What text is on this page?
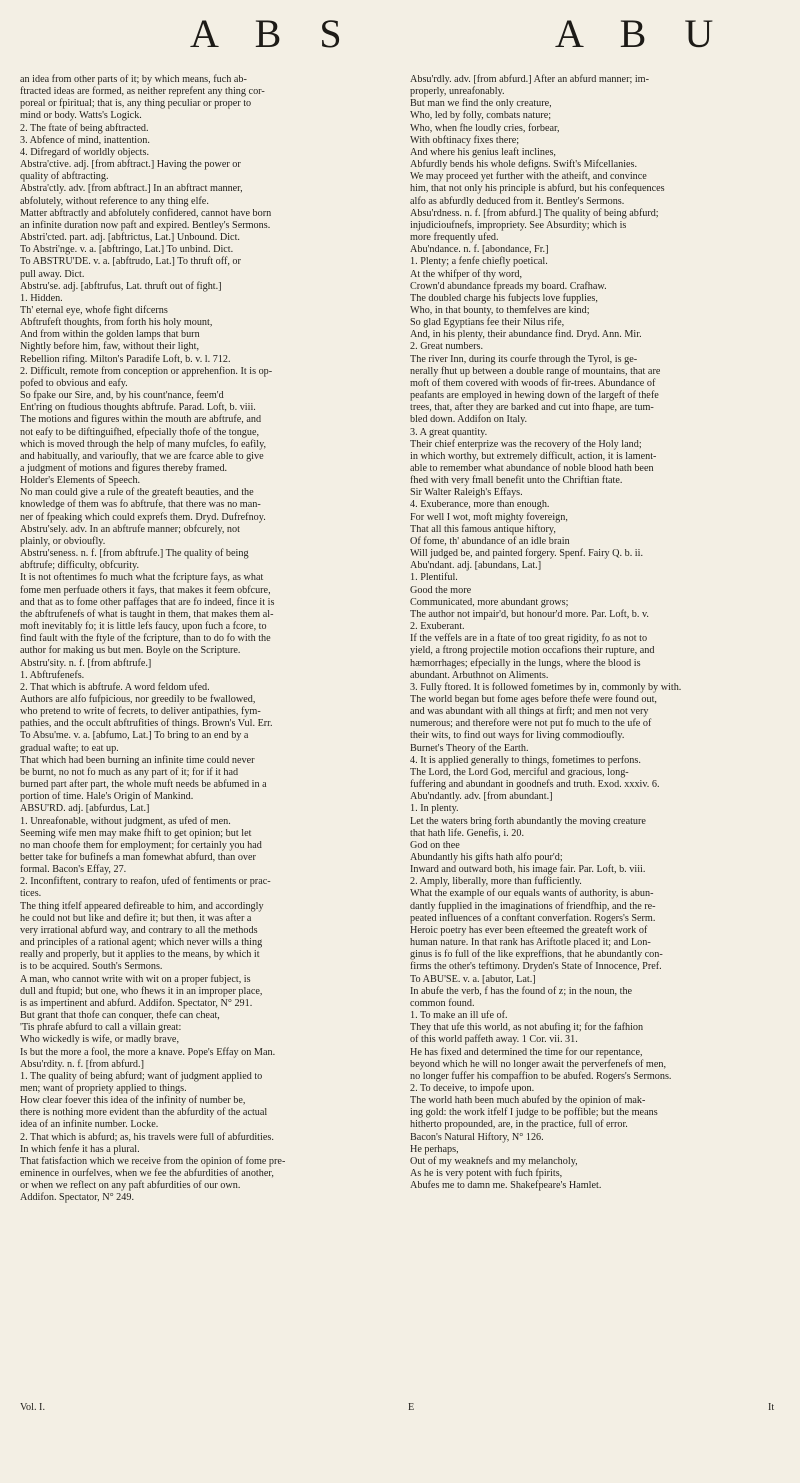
A B S	A B U

an idea from other parts of it; by which means, fuch ab-

ftracted ideas are formed, as neither reprefent any thing cor-

poreal or fpiritual; that is, any thing peculiar or proper to

mind or body. Watts's Logick.

2. The ftate of being abftracted.

3. Abfence of mind, inattention.

4. Difregard of worldly objects.

Abstra'ctive. adj. [from abftract.] Having the power or

quality of abftracting.

Abstra'ctly. adv. [from abftract.] In an abftract manner,

abfolutely, without reference to any thing elfe.

Matter abftractly and abfolutely confidered, cannot have born

an infinite duration now paft and expired. Bentley's Sermons.

Abstri'cted. part. adj. [abftrictus, Lat.] Unbound. Dict.

To Abstri'nge. v. a. [abftringo, Lat.] To unbind. Dict.

To ABSTRU'DE. v. a. [abftrudo, Lat.] To thruft off, or

pull away. Dict.

Abstru'se. adj. [abftrufus, Lat. thruft out of fight.]

1. Hidden.

Th' eternal eye, whofe fight difcerns

Abftrufeft thoughts, from forth his holy mount,

And from within the golden lamps that burn

Nightly before him, faw, without their light,

Rebellion rifing. Milton's Paradife Loft, b. v. l. 712.

2. Difficult, remote from conception or apprehenfion. It is op-

pofed to obvious and eafy.

So fpake our Sire, and, by his count'nance, feem'd

Ent'ring on ftudious thoughts abftrufe. Parad. Loft, b. viii.

The motions and figures within the mouth are abftrufe, and

not eafy to be diftinguifhed, efpecially thofe of the tongue,

which is moved through the help of many mufcles, fo eafily,

and habitually, and varioufly, that we are fcarce able to give

a judgment of motions and figures thereby framed.

Holder's Elements of Speech.

No man could give a rule of the greateft beauties, and the

knowledge of them was fo abftrufe, that there was no man-

ner of fpeaking which could exprefs them. Dryd. Dufrefnoy.

Abstru'sely. adv. In an abftrufe manner; obfcurely, not

plainly, or obvioufly.

Abstru'seness. n. f. [from abftrufe.] The quality of being

abftrufe; difficulty, obfcurity.

It is not oftentimes fo much what the fcripture fays, as what

fome men perfuade others it fays, that makes it feem obfcure,

and that as to fome other paffages that are fo indeed, fince it is

the abftrufenefs of what is taught in them, that makes them al-

moft inevitably fo; it is little lefs faucy, upon fuch a fcore, to

find fault with the ftyle of the fcripture, than to do fo with the

author for making us but men. Boyle on the Scripture.

Abstru'sity. n. f. [from abftrufe.]

1. Abftrufenefs.

2. That which is abftrufe. A word feldom ufed.

Authors are alfo fufpicious, nor greedily to be fwallowed,

who pretend to write of fecrets, to deliver antipathies, fym-

pathies, and the occult abftrufities of things. Brown's Vul. Err.

To Absu'me. v. a. [abfumo, Lat.] To bring to an end by a

gradual wafte; to eat up.

That which had been burning an infinite time could never

be burnt, no not fo much as any part of it; for if it had

burned part after part, the whole muft needs be abfumed in a

portion of time. Hale's Origin of Mankind.

ABSU'RD. adj. [abfurdus, Lat.]

1. Unreafonable, without judgment, as ufed of men.

Seeming wife men may make fhift to get opinion; but let

no man choofe them for employment; for certainly you had

better take for bufinefs a man fomewhat abfurd, than over

formal. Bacon's Effay, 27.

2. Inconfiftent, contrary to reafon, ufed of fentiments or prac-

tices.

The thing itfelf appeared defireable to him, and accordingly

he could not but like and defire it; but then, it was after a

very irrational abfurd way, and contrary to all the methods

and principles of a rational agent; which never wills a thing

really and properly, but it applies to the means, by which it

is to be acquired. South's Sermons.

A man, who cannot write with wit on a proper fubject, is

dull and ftupid; but one, who fhews it in an improper place,

is as impertinent and abfurd. Addifon. Spectator, N° 291.

But grant that thofe can conquer, thefe can cheat,

'Tis phrafe abfurd to call a villain great:

Who wickedly is wife, or madly brave,

Is but the more a fool, the more a knave. Pope's Effay on Man.

Absu'rdity. n. f. [from abfurd.]

1. The quality of being abfurd; want of judgment applied to

men; want of propriety applied to things.

How clear foever this idea of the infinity of number be,

there is nothing more evident than the abfurdity of the actual

idea of an infinite number. Locke.

2. That which is abfurd; as, his travels were full of abfurdities.

In which fenfe it has a plural.

That fatisfaction which we receive from the opinion of fome pre-

eminence in ourfelves, when we fee the abfurdities of another,

or when we reflect on any paft abfurdities of our own.

Addifon. Spectator, N° 249.

Absu'rdly. adv. [from abfurd.] After an abfurd manner; im-

properly, unreafonably.

But man we find the only creature,

Who, led by folly, combats nature;

Who, when fhe loudly cries, forbear,

With obftinacy fixes there;

And where his genius leaft inclines,

Abfurdly bends his whole defigns. Swift's Mifcellanies.

We may proceed yet further with the atheift, and convince

him, that not only his principle is abfurd, but his confequences

alfo as abfurdly deduced from it. Bentley's Sermons.

Absu'rdness. n. f. [from abfurd.] The quality of being abfurd;

injudicioufnefs, impropriety. See Absurdity; which is

more frequently ufed.

Abu'ndance. n. f. [abondance, Fr.]

1. Plenty; a fenfe chiefly poetical.

At the whifper of thy word,

Crown'd abundance fpreads my board. Crafhaw.

The doubled charge his fubjects love fupplies,

Who, in that bounty, to themfelves are kind;

So glad Egyptians fee their Nilus rife,

And, in his plenty, their abundance find. Dryd. Ann. Mir.

2. Great numbers.

The river Inn, during its courfe through the Tyrol, is ge-

nerally fhut up between a double range of mountains, that are

moft of them covered with woods of fir-trees. Abundance of

peafants are employed in hewing down of the largeft of thefe

trees, that, after they are barked and cut into fhape, are tum-

bled down. Addifon on Italy.

3. A great quantity.

Their chief enterprize was the recovery of the Holy land;

in which worthy, but extremely difficult, action, it is lament-

able to remember what abundance of noble blood hath been

fhed with very fmall benefit unto the Chriftian ftate.

Sir Walter Raleigh's Effays.

4. Exuberance, more than enough.

For well I wot, moft mighty fovereign,

That all this famous antique hiftory,

Of fome, th' abundance of an idle brain

Will judged be, and painted forgery. Spenf. Fairy Q. b. ii.

Abu'ndant. adj. [abundans, Lat.]

1. Plentiful.

Good the more

Communicated, more abundant grows;

The author not impair'd, but honour'd more. Par. Loft, b. v.

2. Exuberant.

If the veffels are in a ftate of too great rigidity, fo as not to

yield, a ftrong projectile motion occafions their rupture, and

hæmorrhages; efpecially in the lungs, where the blood is

abundant. Arbuthnot on Aliments.

3. Fully ftored. It is followed fometimes by in, commonly by with.

The world began but fome ages before thefe were found out,

and was abundant with all things at firft; and men not very

numerous; and therefore were not put fo much to the ufe of

their wits, to find out ways for living commodioufly.

Burnet's Theory of the Earth.

4. It is applied generally to things, fometimes to perfons.

The Lord, the Lord God, merciful and gracious, long-

fuffering and abundant in goodnefs and truth. Exod. xxxiv. 6.

Abu'ndantly. adv. [from abundant.]

1. In plenty.

Let the waters bring forth abundantly the moving creature

that hath life. Genefis, i. 20.

God on thee

Abundantly his gifts hath alfo pour'd;

Inward and outward both, his image fair. Par. Loft, b. viii.

2. Amply, liberally, more than fufficiently.

What the example of our equals wants of authority, is abun-

dantly fupplied in the imaginations of friendfhip, and the re-

peated influences of a conftant converfation. Rogers's Serm.

Heroic poetry has ever been efteemed the greateft work of

human nature. In that rank has Ariftotle placed it; and Lon-

ginus is fo full of the like expreffions, that he abundantly con-

firms the other's teftimony. Dryden's State of Innocence, Pref.

To ABU'SE. v. a. [abutor, Lat.]

In abufe the verb, f has the found of z; in the noun, the

common found.

1. To make an ill ufe of.

They that ufe this world, as not abufing it; for the fafhion

of this world paffeth away. 1 Cor. vii. 31.

He has fixed and determined the time for our repentance,

beyond which he will no longer await the perverfenefs of men,

no longer fuffer his compaffion to be abufed. Rogers's Sermons.

2. To deceive, to impofe upon.

The world hath been much abufed by the opinion of mak-

ing gold: the work itfelf I judge to be poffible; but the means

hitherto propounded, are, in the practice, full of error.

Bacon's Natural Hiftory, N° 126.

He perhaps,

Out of my weaknefs and my melancholy,

As he is very potent with fuch fpirits,

Abufes me to damn me. Shakefpeare's Hamlet.

Vol. I.	E	It
